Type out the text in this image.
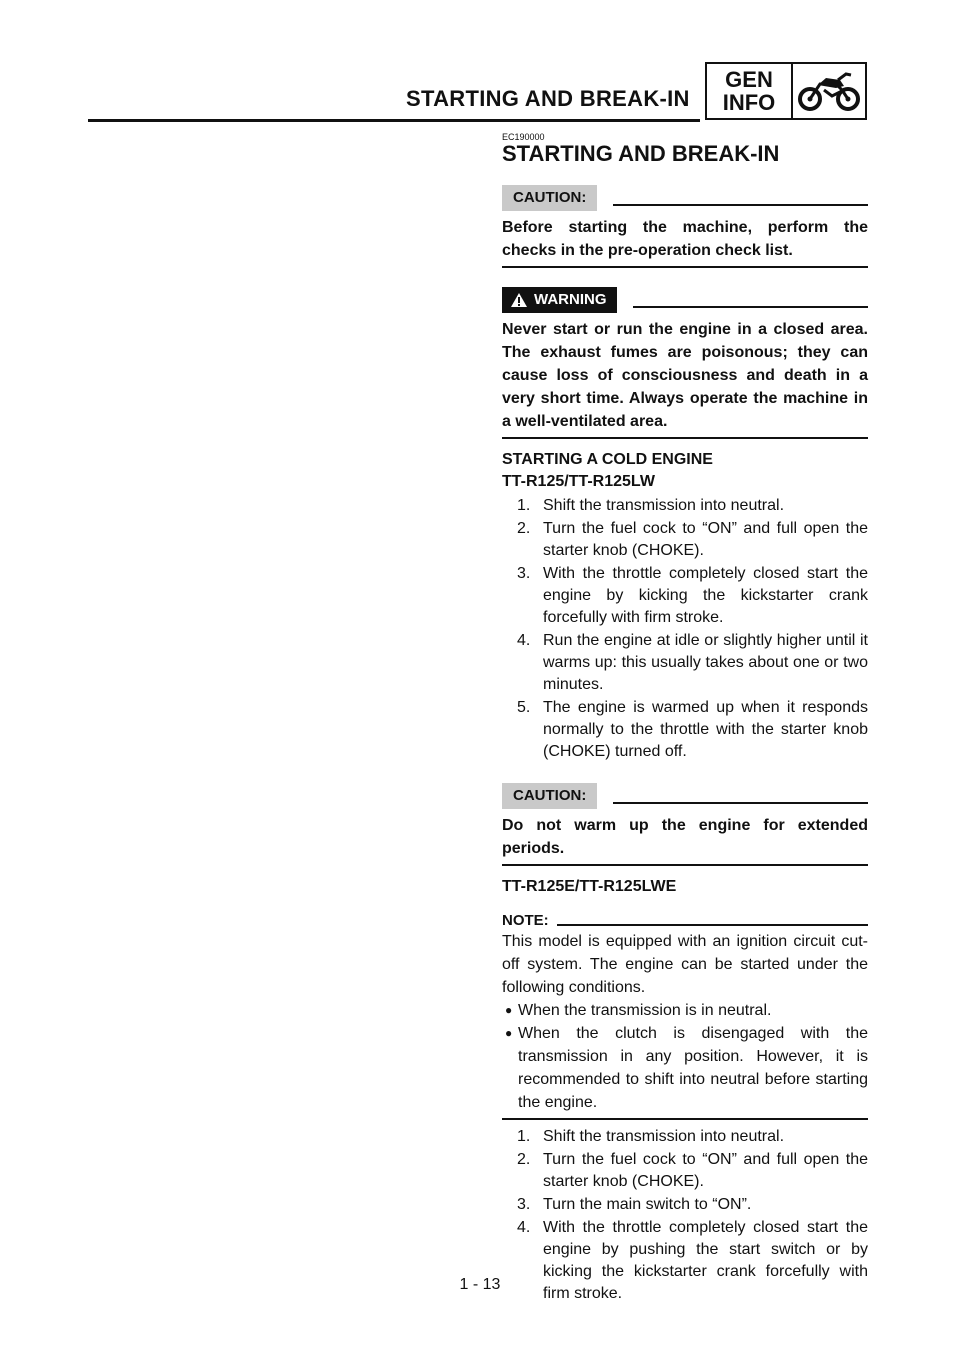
STARTING AND BREAK-IN
GEN
INFO
EC190000
STARTING AND BREAK-IN
CAUTION:
Before starting the machine, perform the checks in the pre-operation check list.
WARNING
Never start or run the engine in a closed area. The exhaust fumes are poisonous; they can cause loss of consciousness and death in a very short time. Always operate the machine in a well-ventilated area.
STARTING A COLD ENGINE
TT-R125/TT-R125LW
1. Shift the transmission into neutral.
2. Turn the fuel cock to “ON” and full open the starter knob (CHOKE).
3. With the throttle completely closed start the engine by kicking the kickstarter crank forcefully with firm stroke.
4. Run the engine at idle or slightly higher until it warms up: this usually takes about one or two minutes.
5. The engine is warmed up when it responds normally to the throttle with the starter knob (CHOKE) turned off.
CAUTION:
Do not warm up the engine for extended periods.
TT-R125E/TT-R125LWE
NOTE:
This model is equipped with an ignition circuit cut-off system. The engine can be started under the following conditions.
● When the transmission is in neutral.
● When the clutch is disengaged with the transmission in any position. However, it is recommended to shift into neutral before starting the engine.
1. Shift the transmission into neutral.
2. Turn the fuel cock to “ON” and full open the starter knob (CHOKE).
3. Turn the main switch to “ON”.
4. With the throttle completely closed start the engine by pushing the start switch or by kicking the kickstarter crank forcefully with firm stroke.
1 - 13
